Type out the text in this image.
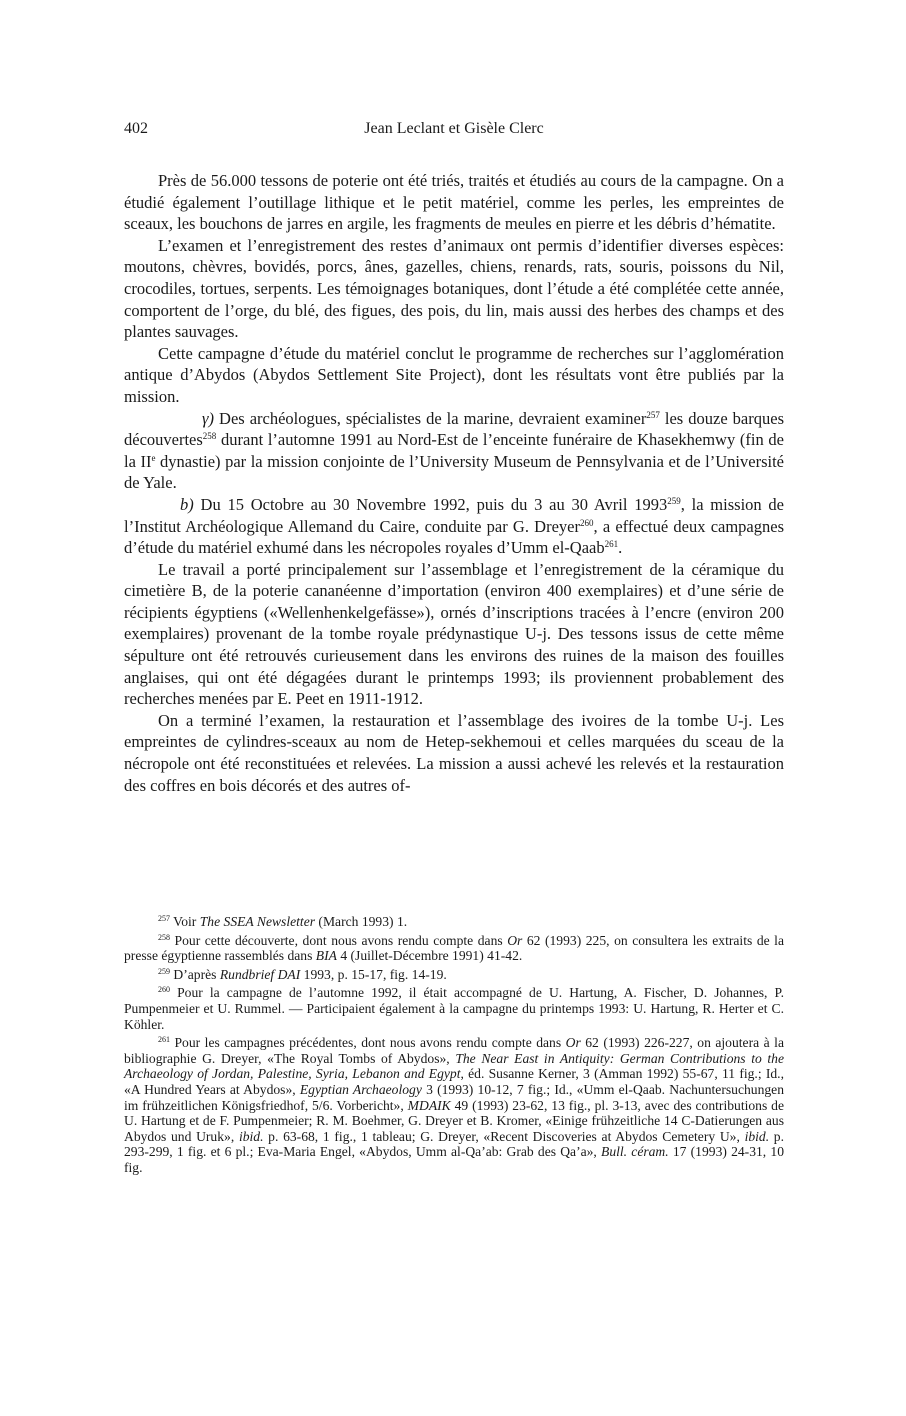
402	Jean Leclant et Gisèle Clerc

Près de 56.000 tessons de poterie ont été triés, traités et étudiés au cours de la campagne. On a étudié également l’outillage lithique et le petit matériel, comme les perles, les empreintes de sceaux, les bouchons de jarres en argile, les fragments de meules en pierre et les débris d’hématite.

L’examen et l’enregistrement des restes d’animaux ont permis d’identifier diverses espèces: moutons, chèvres, bovidés, porcs, ânes, gazelles, chiens, renards, rats, souris, poissons du Nil, crocodiles, tortues, serpents. Les témoignages botaniques, dont l’étude a été complétée cette année, comportent de l’orge, du blé, des figues, des pois, du lin, mais aussi des herbes des champs et des plantes sauvages.

Cette campagne d’étude du matériel conclut le programme de recherches sur l’agglomération antique d’Abydos (Abydos Settlement Site Project), dont les résultats vont être publiés par la mission.

γ) Des archéologues, spécialistes de la marine, devraient examiner$^{257}$ les douze barques découvertes$^{258}$ durant l’automne 1991 au Nord-Est de l’enceinte funéraire de Khasekhemwy (fin de la IIe dynastie) par la mission conjointe de l’University Museum de Pennsylvania et de l’Université de Yale.

b) Du 15 Octobre au 30 Novembre 1992, puis du 3 au 30 Avril 1993$^{259}$, la mission de l’Institut Archéologique Allemand du Caire, conduite par G. Dreyer$^{260}$, a effectué deux campagnes d’étude du matériel exhumé dans les nécropoles royales d’Umm el-Qaab$^{261}$.

Le travail a porté principalement sur l’assemblage et l’enregistrement de la céramique du cimetière B, de la poterie cananéenne d’importation (environ 400 exemplaires) et d’une série de récipients égyptiens («Wellenhenkelgefässe»), ornés d’inscriptions tracées à l’encre (environ 200 exemplaires) provenant de la tombe royale prédynastique U-j. Des tessons issus de cette même sépulture ont été retrouvés curieusement dans les environs des ruines de la maison des fouilles anglaises, qui ont été dégagées durant le printemps 1993; ils proviennent probablement des recherches menées par E. Peet en 1911-1912.

On a terminé l’examen, la restauration et l’assemblage des ivoires de la tombe U-j. Les empreintes de cylindres-sceaux au nom de Hetep-sekhemoui et celles marquées du sceau de la nécropole ont été reconstituées et relevées. La mission a aussi achevé les relevés et la restauration des coffres en bois décorés et des autres of-

$^{257}$ Voir The SSEA Newsletter (March 1993) 1.

$^{258}$ Pour cette découverte, dont nous avons rendu compte dans Or 62 (1993) 225, on consultera les extraits de la presse égyptienne rassemblés dans BIA 4 (Juillet-Décembre 1991) 41-42.

$^{259}$ D’après Rundbrief DAI 1993, p. 15-17, fig. 14-19.

$^{260}$ Pour la campagne de l’automne 1992, il était accompagné de U. Hartung, A. Fischer, D. Johannes, P. Pumpenmeier et U. Rummel. — Participaient également à la campagne du printemps 1993: U. Hartung, R. Herter et C. Köhler.

$^{261}$ Pour les campagnes précédentes, dont nous avons rendu compte dans Or 62 (1993) 226-227, on ajoutera à la bibliographie G. Dreyer, «The Royal Tombs of Abydos», The Near East in Antiquity: German Contributions to the Archaeology of Jordan, Palestine, Syria, Lebanon and Egypt, éd. Susanne Kerner, 3 (Amman 1992) 55-67, 11 fig.; Id., «A Hundred Years at Abydos», Egyptian Archaeology 3 (1993) 10-12, 7 fig.; Id., «Umm el-Qaab. Nachuntersuchungen im frühzeitlichen Königsfriedhof, 5/6. Vorbericht», MDAIK 49 (1993) 23-62, 13 fig., pl. 3-13, avec des contributions de U. Hartung et de F. Pumpenmeier; R. M. Boehmer, G. Dreyer et B. Kromer, «Einige frühzeitliche 14 C-Datierungen aus Abydos und Uruk», ibid. p. 63-68, 1 fig., 1 tableau; G. Dreyer, «Recent Discoveries at Abydos Cemetery U», ibid. p. 293-299, 1 fig. et 6 pl.; Eva-Maria Engel, «Abydos, Umm al-Qa’ab: Grab des Qa’a», Bull. céram. 17 (1993) 24-31, 10 fig.
